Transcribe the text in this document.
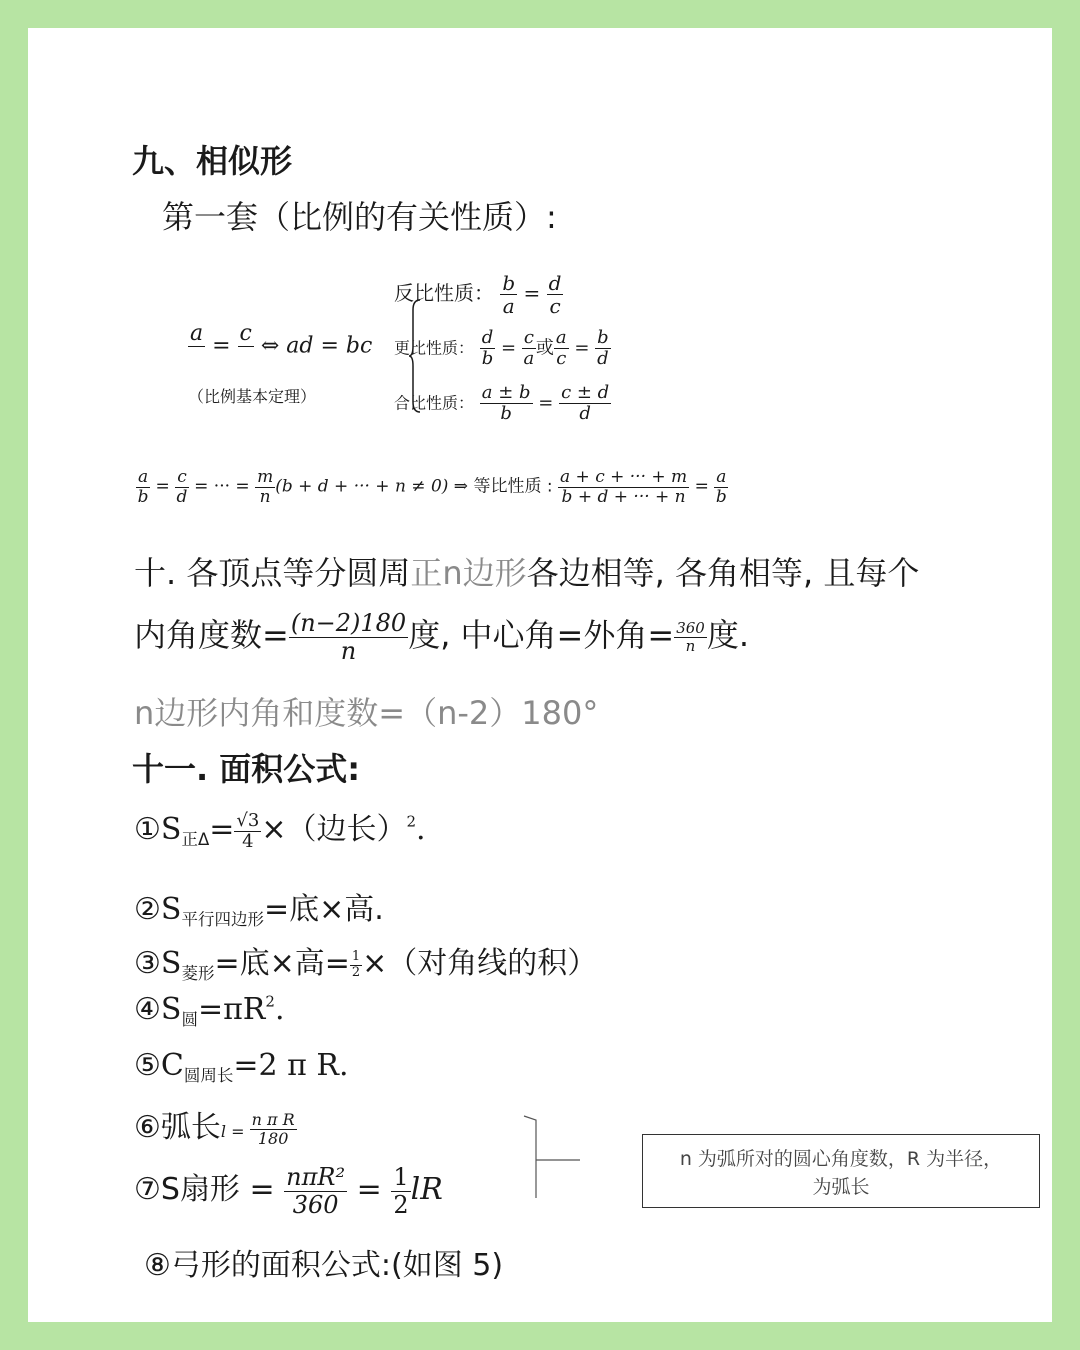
九、相似形
第一套（比例的有关性质）:
a
=
c
⇔ ad = bc
（比例基本定理）
反比性质： $\frac{b}{a} = \frac{d}{c}$
更比性质： $\frac{d}{b} = \frac{c}{a}$ 或 $\frac{a}{c} = \frac{b}{d}$
合比性质： $\frac{a \pm b}{b} = \frac{c \pm d}{d}$
$\frac{a}{b} = \frac{c}{d}$ = ··· = $\frac{m}{n} (b + d$ + ··· + n ≠ 0) ⇒ 等比性质 : $\frac{a + c + \cdot\cdot\cdot + m}{b + d + \cdot\cdot\cdot + n} = \frac{a}{b}$
十. 各顶点等分圆周正n边形各边相等, 各角相等, 且每个
内角度数= $\frac{(n-2)180}{n}$ 度, 中心角=外角= $\frac{360}{n}$ 度.
n边形内角和度数=（n-2）180°
十一. 面积公式:
$①S_{正\Delta}= \frac{√3}{4}$ ×（边长）$^2$.
$②S_{平行四边形}=$底×高.
$③S_{菱形}=$底×高= $\frac{1}{2}$ ×（对角线的积）
$④S_圆=\pi R^2$.
$⑤C_{圆周长}=2$ π R.
⑥弧长$l = \frac{\text{n π R}}{180}$
⑦S扇形 = $\frac{\text{nπR²}}{360} = \frac{1}{2}$ lR
n 为弧所对的圆心角度数，R 为半径，
为弧长
⑧弓形的面积公式:(如图 5)
